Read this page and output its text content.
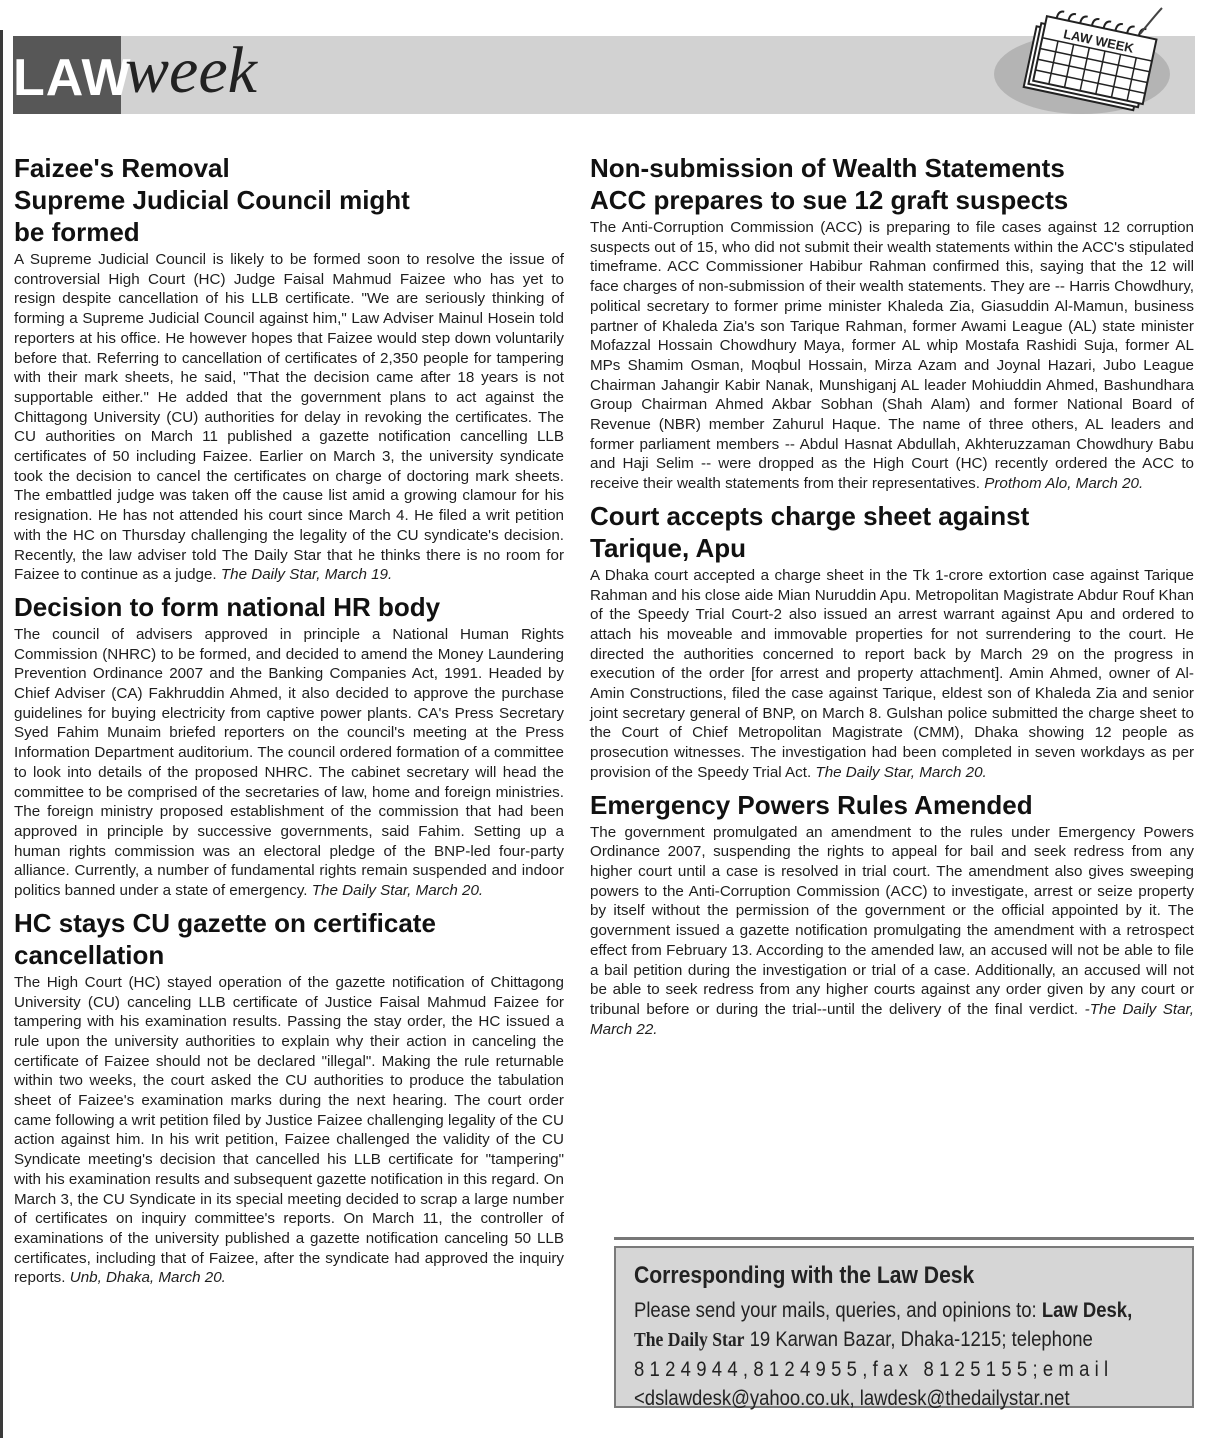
LAW
week	LAW WEEK
Faizee's Removal
Supreme Judicial Council might
be formed

A Supreme Judicial Council is likely to be formed soon to resolve the issue of controversial High Court (HC) Judge Faisal Mahmud Faizee who has yet to resign despite cancellation of his LLB certificate. "We are seriously thinking of forming a Supreme Judicial Council against him," Law Adviser Mainul Hosein told reporters at his office. He however hopes that Faizee would step down voluntarily before that. Referring to cancellation of certificates of 2,350 people for tampering with their mark sheets, he said, "That the decision came after 18 years is not supportable either." He added that the government plans to act against the Chittagong University (CU) authorities for delay in revoking the certificates. The CU authorities on March 11 published a gazette notification cancelling LLB certificates of 50 including Faizee. Earlier on March 3, the university syndicate took the decision to cancel the certificates on charge of doctoring mark sheets. The embattled judge was taken off the cause list amid a growing clamour for his resignation. He has not attended his court since March 4. He filed a writ petition with the HC on Thursday challenging the legality of the CU syndicate's decision. Recently, the law adviser told The Daily Star that he thinks there is no room for Faizee to continue as a judge. The Daily Star, March 19.

Decision to form national HR body

The council of advisers approved in principle a National Human Rights Commission (NHRC) to be formed, and decided to amend the Money Laundering Prevention Ordinance 2007 and the Banking Companies Act, 1991. Headed by Chief Adviser (CA) Fakhruddin Ahmed, it also decided to approve the purchase guidelines for buying electricity from captive power plants. CA's Press Secretary Syed Fahim Munaim briefed reporters on the council's meeting at the Press Information Department auditorium. The council ordered formation of a committee to look into details of the proposed NHRC. The cabinet secretary will head the committee to be comprised of the secretaries of law, home and foreign ministries. The foreign ministry proposed establishment of the commission that had been approved in principle by successive governments, said Fahim. Setting up a human rights commission was an electoral pledge of the BNP-led four-party alliance. Currently, a number of fundamental rights remain suspended and indoor politics banned under a state of emergency. The Daily Star, March 20.

HC stays CU gazette on certificate
cancellation

The High Court (HC) stayed operation of the gazette notification of Chittagong University (CU) canceling LLB certificate of Justice Faisal Mahmud Faizee for tampering with his examination results. Passing the stay order, the HC issued a rule upon the university authorities to explain why their action in canceling the certificate of Faizee should not be declared "illegal". Making the rule returnable within two weeks, the court asked the CU authorities to produce the tabulation sheet of Faizee's examination marks during the next hearing. The court order came following a writ petition filed by Justice Faizee challenging legality of the CU action against him. In his writ petition, Faizee challenged the validity of the CU Syndicate meeting's decision that cancelled his LLB certificate for "tampering" with his examination results and subsequent gazette notification in this regard. On March 3, the CU Syndicate in its special meeting decided to scrap a large number of certificates on inquiry committee's reports. On March 11, the controller of examinations of the university published a gazette notification canceling 50 LLB certificates, including that of Faizee, after the syndicate had approved the inquiry reports. Unb, Dhaka, March 20.

Non-submission of Wealth Statements
ACC prepares to sue 12 graft suspects

The Anti-Corruption Commission (ACC) is preparing to file cases against 12 corruption suspects out of 15, who did not submit their wealth statements within the ACC's stipulated timeframe. ACC Commissioner Habibur Rahman confirmed this, saying that the 12 will face charges of non-submission of their wealth statements. They are -- Harris Chowdhury, political secretary to former prime minister Khaleda Zia, Giasuddin Al-Mamun, business partner of Khaleda Zia's son Tarique Rahman, former Awami League (AL) state minister Mofazzal Hossain Chowdhury Maya, former AL whip Mostafa Rashidi Suja, former AL MPs Shamim Osman, Moqbul Hossain, Mirza Azam and Joynal Hazari, Jubo League Chairman Jahangir Kabir Nanak, Munshiganj AL leader Mohiuddin Ahmed, Bashundhara Group Chairman Ahmed Akbar Sobhan (Shah Alam) and former National Board of Revenue (NBR) member Zahurul Haque. The name of three others, AL leaders and former parliament members -- Abdul Hasnat Abdullah, Akhteruzzaman Chowdhury Babu and Haji Selim -- were dropped as the High Court (HC) recently ordered the ACC to receive their wealth statements from their representatives. Prothom Alo, March 20.

Court accepts charge sheet against
Tarique, Apu

A Dhaka court accepted a charge sheet in the Tk 1-crore extortion case against Tarique Rahman and his close aide Mian Nuruddin Apu. Metropolitan Magistrate Abdur Rouf Khan of the Speedy Trial Court-2 also issued an arrest warrant against Apu and ordered to attach his moveable and immovable properties for not surrendering to the court. He directed the authorities concerned to report back by March 29 on the progress in execution of the order [for arrest and property attachment]. Amin Ahmed, owner of Al-Amin Constructions, filed the case against Tarique, eldest son of Khaleda Zia and senior joint secretary general of BNP, on March 8. Gulshan police submitted the charge sheet to the Court of Chief Metropolitan Magistrate (CMM), Dhaka showing 12 people as prosecution witnesses. The investigation had been completed in seven workdays as per provision of the Speedy Trial Act. The Daily Star, March 20.

Emergency Powers Rules Amended

The government promulgated an amendment to the rules under Emergency Powers Ordinance 2007, suspending the rights to appeal for bail and seek redress from any higher court until a case is resolved in trial court. The amendment also gives sweeping powers to the Anti-Corruption Commission (ACC) to investigate, arrest or seize property by itself without the permission of the government or the official appointed by it. The government issued a gazette notification promulgating the amendment with a retrospect effect from February 13. According to the amended law, an accused will not be able to file a bail petition during the investigation or trial of a case. Additionally, an accused will not be able to seek redress from any higher courts against any order given by any court or tribunal before or during the trial--until the delivery of the final verdict. -The Daily Star, March 22.

Corresponding with the Law Desk
Please send your mails, queries, and opinions to: Law Desk,
The Daily Star 19 Karwan Bazar, Dhaka-1215; telephone
8124944,8124955,fax 8125155;email
<dslawdesk@yahoo.co.uk, lawdesk@thedailystar.net
